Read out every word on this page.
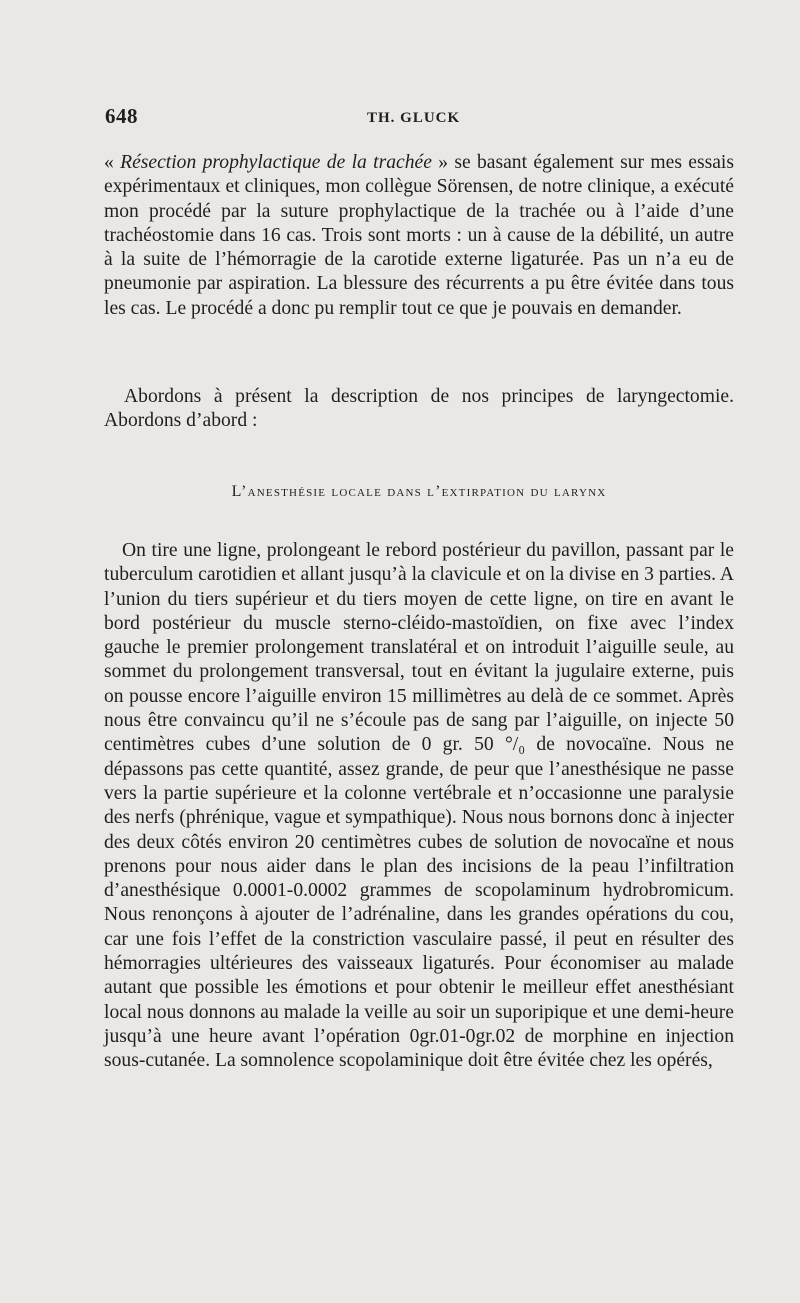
648	TH. GLUCK

« Résection prophylactique de la trachée » se basant également sur mes essais expérimentaux et cliniques, mon collègue Sörensen, de notre clinique, a exécuté mon procédé par la suture prophylactique de la trachée ou à l’aide d’une trachéostomie dans 16 cas. Trois sont morts : un à cause de la débilité, un autre à la suite de l’hémorragie de la carotide externe ligaturée. Pas un n’a eu de pneumonie par aspiration. La blessure des récurrents a pu être évitée dans tous les cas. Le procédé a donc pu remplir tout ce que je pouvais en demander.

Abordons à présent la description de nos principes de laryngectomie. Abordons d’abord :

L’anesthésie locale dans l’extirpation du larynx

On tire une ligne, prolongeant le rebord postérieur du pavillon, passant par le tuberculum carotidien et allant jusqu’à la clavicule et on la divise en 3 parties. A l’union du tiers supérieur et du tiers moyen de cette ligne, on tire en avant le bord postérieur du muscle sterno-cléido-mastoïdien, on fixe avec l’index gauche le premier prolongement translatéral et on introduit l’aiguille seule, au sommet du prolongement transversal, tout en évitant la jugulaire externe, puis on pousse encore l’aiguille environ 15 millimètres au delà de ce sommet. Après nous être convaincu qu’il ne s’écoule pas de sang par l’aiguille, on injecte 50 centimètres cubes d’une solution de 0 gr. 50 °/₀ de novocaïne. Nous ne dépassons pas cette quantité, assez grande, de peur que l’anesthésique ne passe vers la partie supérieure et la colonne vertébrale et n’occasionne une paralysie des nerfs (phrénique, vague et sympathique). Nous nous bornons donc à injecter des deux côtés environ 20 centimètres cubes de solution de novocaïne et nous prenons pour nous aider dans le plan des incisions de la peau l’infiltration d’anesthésique 0.0001-0.0002 grammes de scopolaminum hydrobromicum. Nous renonçons à ajouter de l’adrénaline, dans les grandes opérations du cou, car une fois l’effet de la constriction vasculaire passé, il peut en résulter des hémorragies ultérieures des vaisseaux ligaturés. Pour économiser au malade autant que possible les émotions et pour obtenir le meilleur effet anesthésiant local nous donnons au malade la veille au soir un suporipique et une demi-heure jusqu’à une heure avant l’opération 0gr.01-0gr.02 de morphine en injection sous-cutanée. La somnolence scopolaminique doit être évitée chez les opérés,
